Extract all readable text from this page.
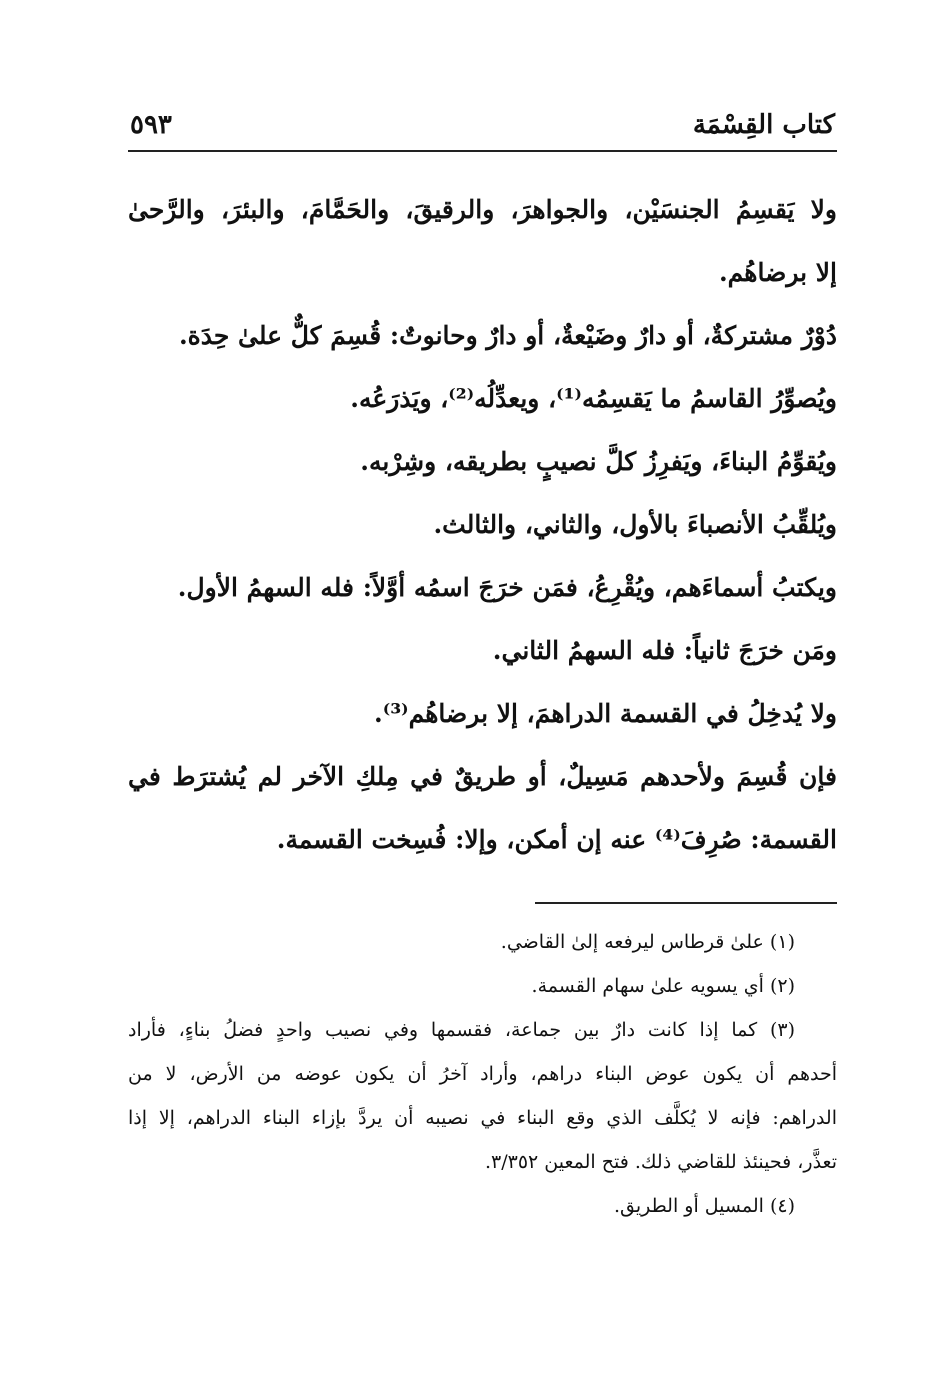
كتاب القِسْمَة
٥٩٣
ولا يَقسِمُ الجنسَيْن، والجواهرَ، والرقيقَ، والحَمَّامَ، والبئرَ، والرَّحىٰ
إلا برضاهُم.
دُوْرٌ مشتركةٌ، أو دارٌ وضَيْعةٌ، أو دارٌ وحانوتٌ: قُسِمَ كلٌّ علىٰ حِدَة.
ويُصوِّرُ القاسمُ ما يَقسِمُه⁽¹⁾، ويعدِّلُه⁽²⁾، ويَذرَعُه.
ويُقوِّمُ البناءَ، ويَفرِزُ كلَّ نصيبٍ بطريقه، وشِرْبه.
ويُلقِّبُ الأنصباءَ بالأول، والثاني، والثالث.
ويكتبُ أسماءَهم، ويُقْرِعُ، فمَن خرَجَ اسمُه أوَّلاً: فله السهمُ الأول.
ومَن خرَجَ ثانياً: فله السهمُ الثاني.
ولا يُدخِلُ في القسمة الدراهمَ، إلا برضاهُم⁽³⁾.
فإن قُسِمَ ولأحدهم مَسِيلٌ، أو طريقٌ في مِلكِ الآخر لم يُشترَط في
القسمة: صُرِفَ⁽⁴⁾ عنه إن أمكن، وإلا: فُسِخت القسمة.
(١) علىٰ قرطاس ليرفعه إلىٰ القاضي.
(٢) أي يسويه علىٰ سهام القسمة.
(٣) كما إذا كانت دارٌ بين جماعة، فقسمها وفي نصيب واحدٍ فضلُ بناءٍ، فأراد
أحدهم أن يكون عوض البناء دراهم، وأراد آخرُ أن يكون عوضه من الأرض، لا من
الدراهم: فإنه لا يُكلَّف الذي وقع البناء في نصيبه أن يردَّ بإزاء البناء الدراهم، إلا إذا
تعذَّر، فحينئذ للقاضي ذلك. فتح المعين ٣/٣٥٢.
(٤) المسيل أو الطريق.
